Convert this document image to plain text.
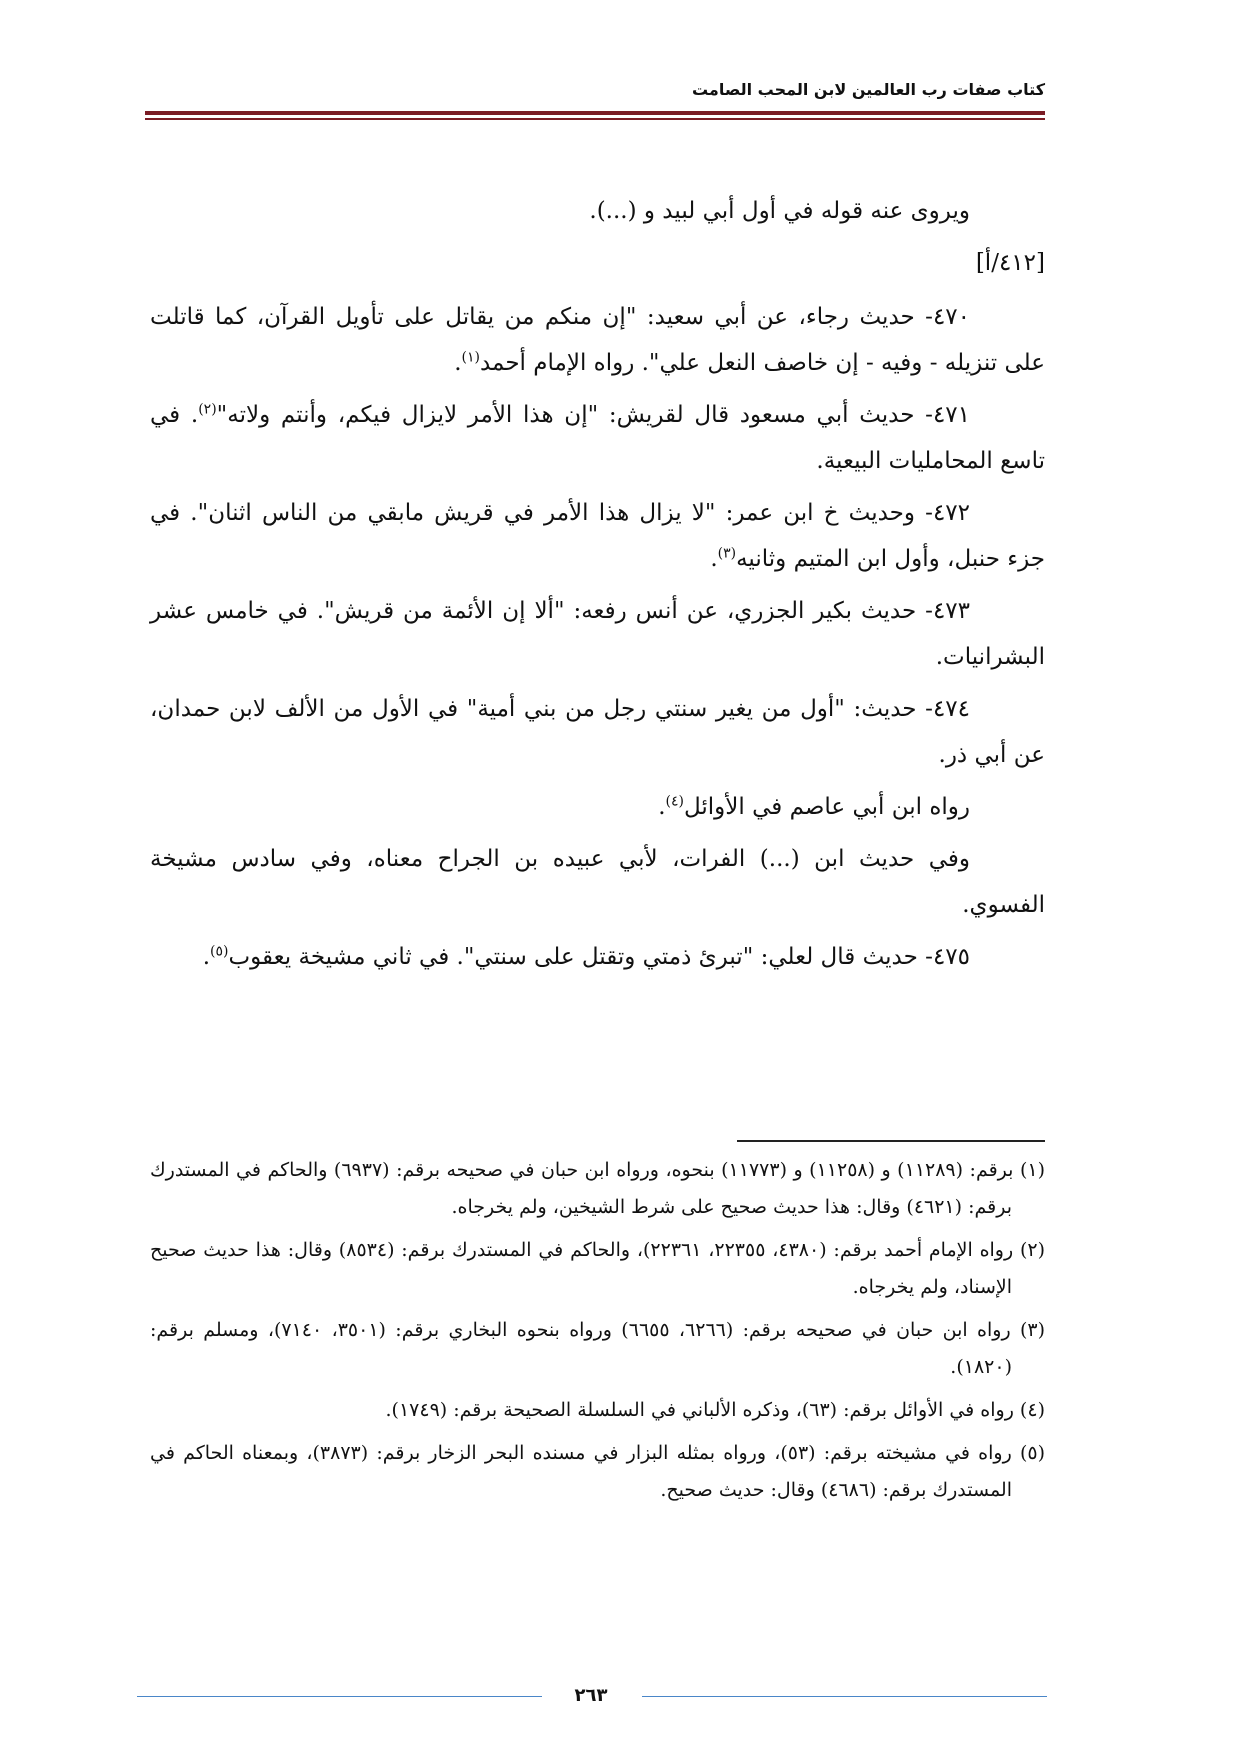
كتاب صفات رب العالمين لابن المحب الصامت

ويروى عنه قوله في أول أبي لبيد و (...).

[٤١٢/أ]

٤٧٠- حديث رجاء، عن أبي سعيد: "إن منكم من يقاتل على تأويل القرآن، كما قاتلت على تنزيله - وفيه - إن خاصف النعل علي". رواه الإمام أحمد$^{(١)}$.

٤٧١- حديث أبي مسعود قال لقريش: "إن هذا الأمر لايزال فيكم، وأنتم ولاته"$^{(٢)}$. في تاسع المحامليات البيعية.

٤٧٢- وحديث خ ابن عمر: "لا يزال هذا الأمر في قريش مابقي من الناس اثنان". في جزء حنبل، وأول ابن المتيم وثانيه$^{(٣)}$.

٤٧٣- حديث بكير الجزري، عن أنس رفعه: "ألا إن الأئمة من قريش". في خامس عشر البشرانيات.

٤٧٤- حديث: "أول من يغير سنتي رجل من بني أمية" في الأول من الألف لابن حمدان، عن أبي ذر.

رواه ابن أبي عاصم في الأوائل$^{(٤)}$.

وفي حديث ابن (...) الفرات، لأبي عبيده بن الجراح معناه، وفي سادس مشيخة الفسوي.

٤٧٥- حديث قال لعلي: "تبرئ ذمتي وتقتل على سنتي". في ثاني مشيخة يعقوب$^{(٥)}$.

(١) برقم: (١١٢٨٩) و (١١٢٥٨) و (١١٧٧٣) بنحوه، ورواه ابن حبان في صحيحه برقم: (٦٩٣٧) والحاكم في المستدرك برقم: (٤٦٢١) وقال: هذا حديث صحيح على شرط الشيخين، ولم يخرجاه.

(٢) رواه الإمام أحمد برقم: (٤٣٨٠، ٢٢٣٥٥، ٢٢٣٦١)، والحاكم في المستدرك برقم: (٨٥٣٤) وقال: هذا حديث صحيح الإسناد، ولم يخرجاه.

(٣) رواه ابن حبان في صحيحه برقم: (٦٢٦٦، ٦٦٥٥) ورواه بنحوه البخاري برقم: (٣٥٠١، ٧١٤٠)، ومسلم برقم: (١٨٢٠).

(٤) رواه في الأوائل برقم: (٦٣)، وذكره الألباني في السلسلة الصحيحة برقم: (١٧٤٩).

(٥) رواه في مشيخته برقم: (٥٣)، ورواه بمثله البزار في مسنده البحر الزخار برقم: (٣٨٧٣)، وبمعناه الحاكم في المستدرك برقم: (٤٦٨٦) وقال: حديث صحيح.

٢٦٣
